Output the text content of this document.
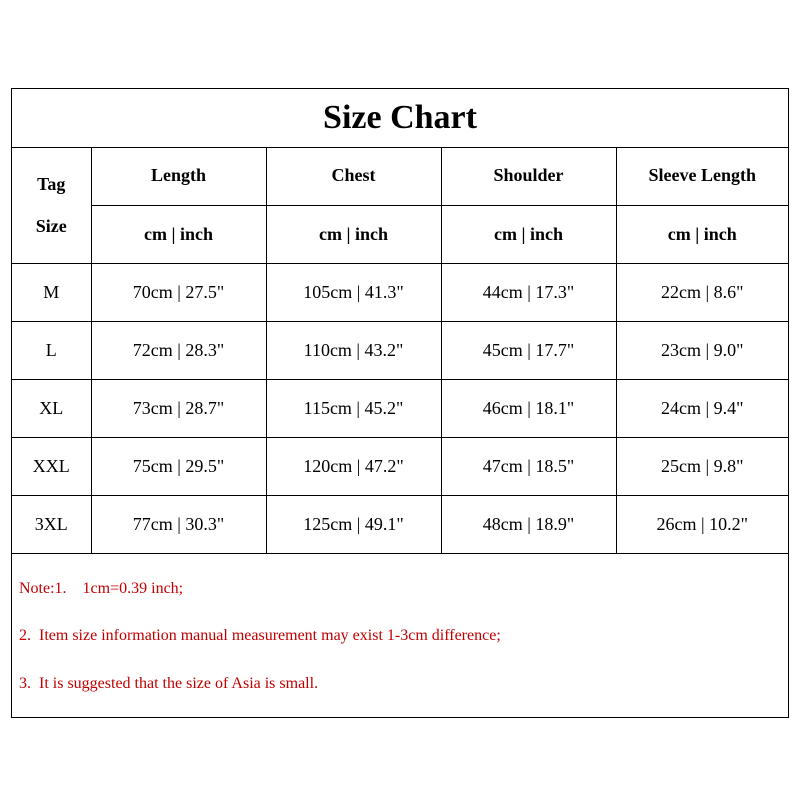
Size Chart
Tag
Size	Length	Chest	Shoulder	Sleeve Length
	cm | inch	cm | inch	cm | inch	cm | inch
M	70cm | 27.5"	105cm | 41.3"	44cm | 17.3"	22cm | 8.6"
L	72cm | 28.3"	110cm | 43.2"	45cm | 17.7"	23cm | 9.0"
XL	73cm | 28.7"	115cm | 45.2"	46cm | 18.1"	24cm | 9.4"
XXL	75cm | 29.5"	120cm | 47.2"	47cm | 18.5"	25cm | 9.8"
3XL	77cm | 30.3"	125cm | 49.1"	48cm | 18.9"	26cm | 10.2"
Note:1.    1cm=0.39 inch;
2.  Item size information manual measurement may exist 1-3cm difference;
3.  It is suggested that the size of Asia is small.
